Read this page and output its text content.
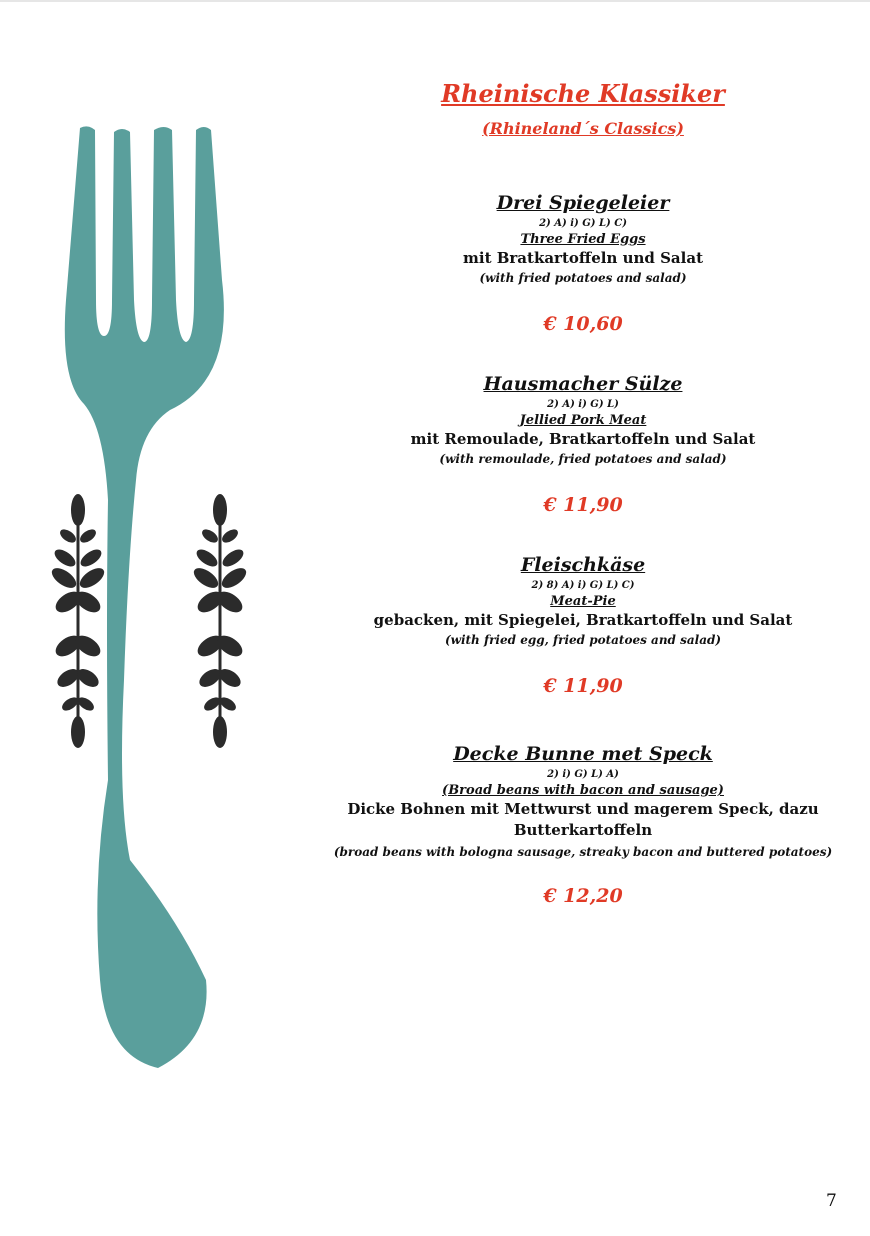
Rheinische Klassiker

(Rhineland´s Classics)

Drei Spiegeleier

2) A) i) G) L) C)

Three Fried Eggs

mit Bratkartoffeln und Salat

(with fried potatoes and salad)

€ 10,60

Hausmacher Sülze

2) A) i) G) L)

Jellied Pork Meat

mit Remoulade, Bratkartoffeln und Salat

(with remoulade, fried potatoes and salad)

€ 11,90

Fleischkäse

2) 8) A) i) G) L) C)

Meat-Pie

gebacken, mit Spiegelei, Bratkartoffeln und Salat

(with fried egg, fried potatoes and salad)

€ 11,90

Decke Bunne met Speck

2) i) G) L) A)

(Broad beans with bacon and sausage)

Dicke Bohnen mit Mettwurst und magerem Speck, dazu

Butterkartoffeln

(broad beans with bologna sausage, streaky bacon and buttered potatoes)

€ 12,20

7
